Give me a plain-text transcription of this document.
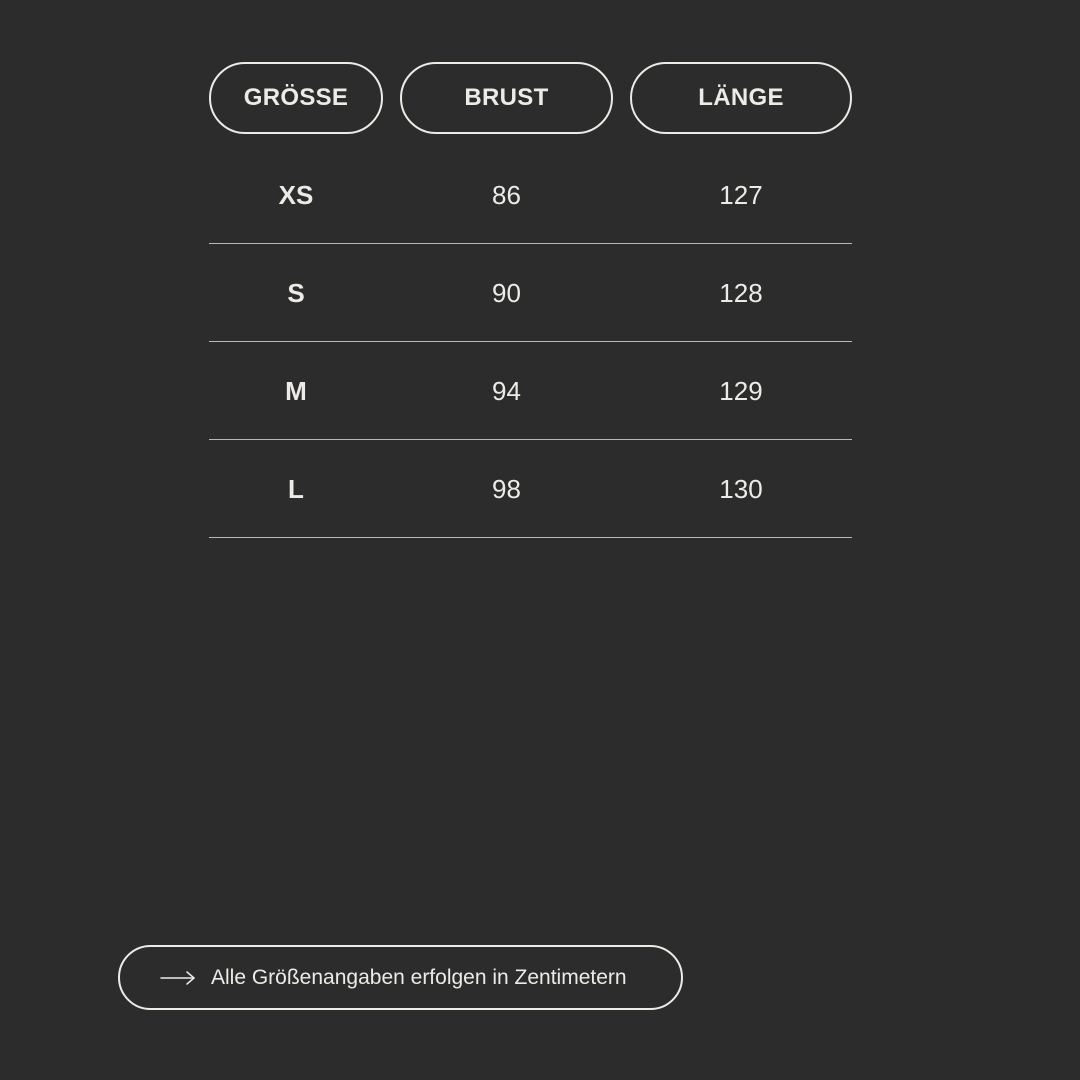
GRÖSSE	BRUST	LÄNGE
XS	86	127
S	90	128
M	94	129
L	98	130
Alle Größenangaben erfolgen in Zentimetern
